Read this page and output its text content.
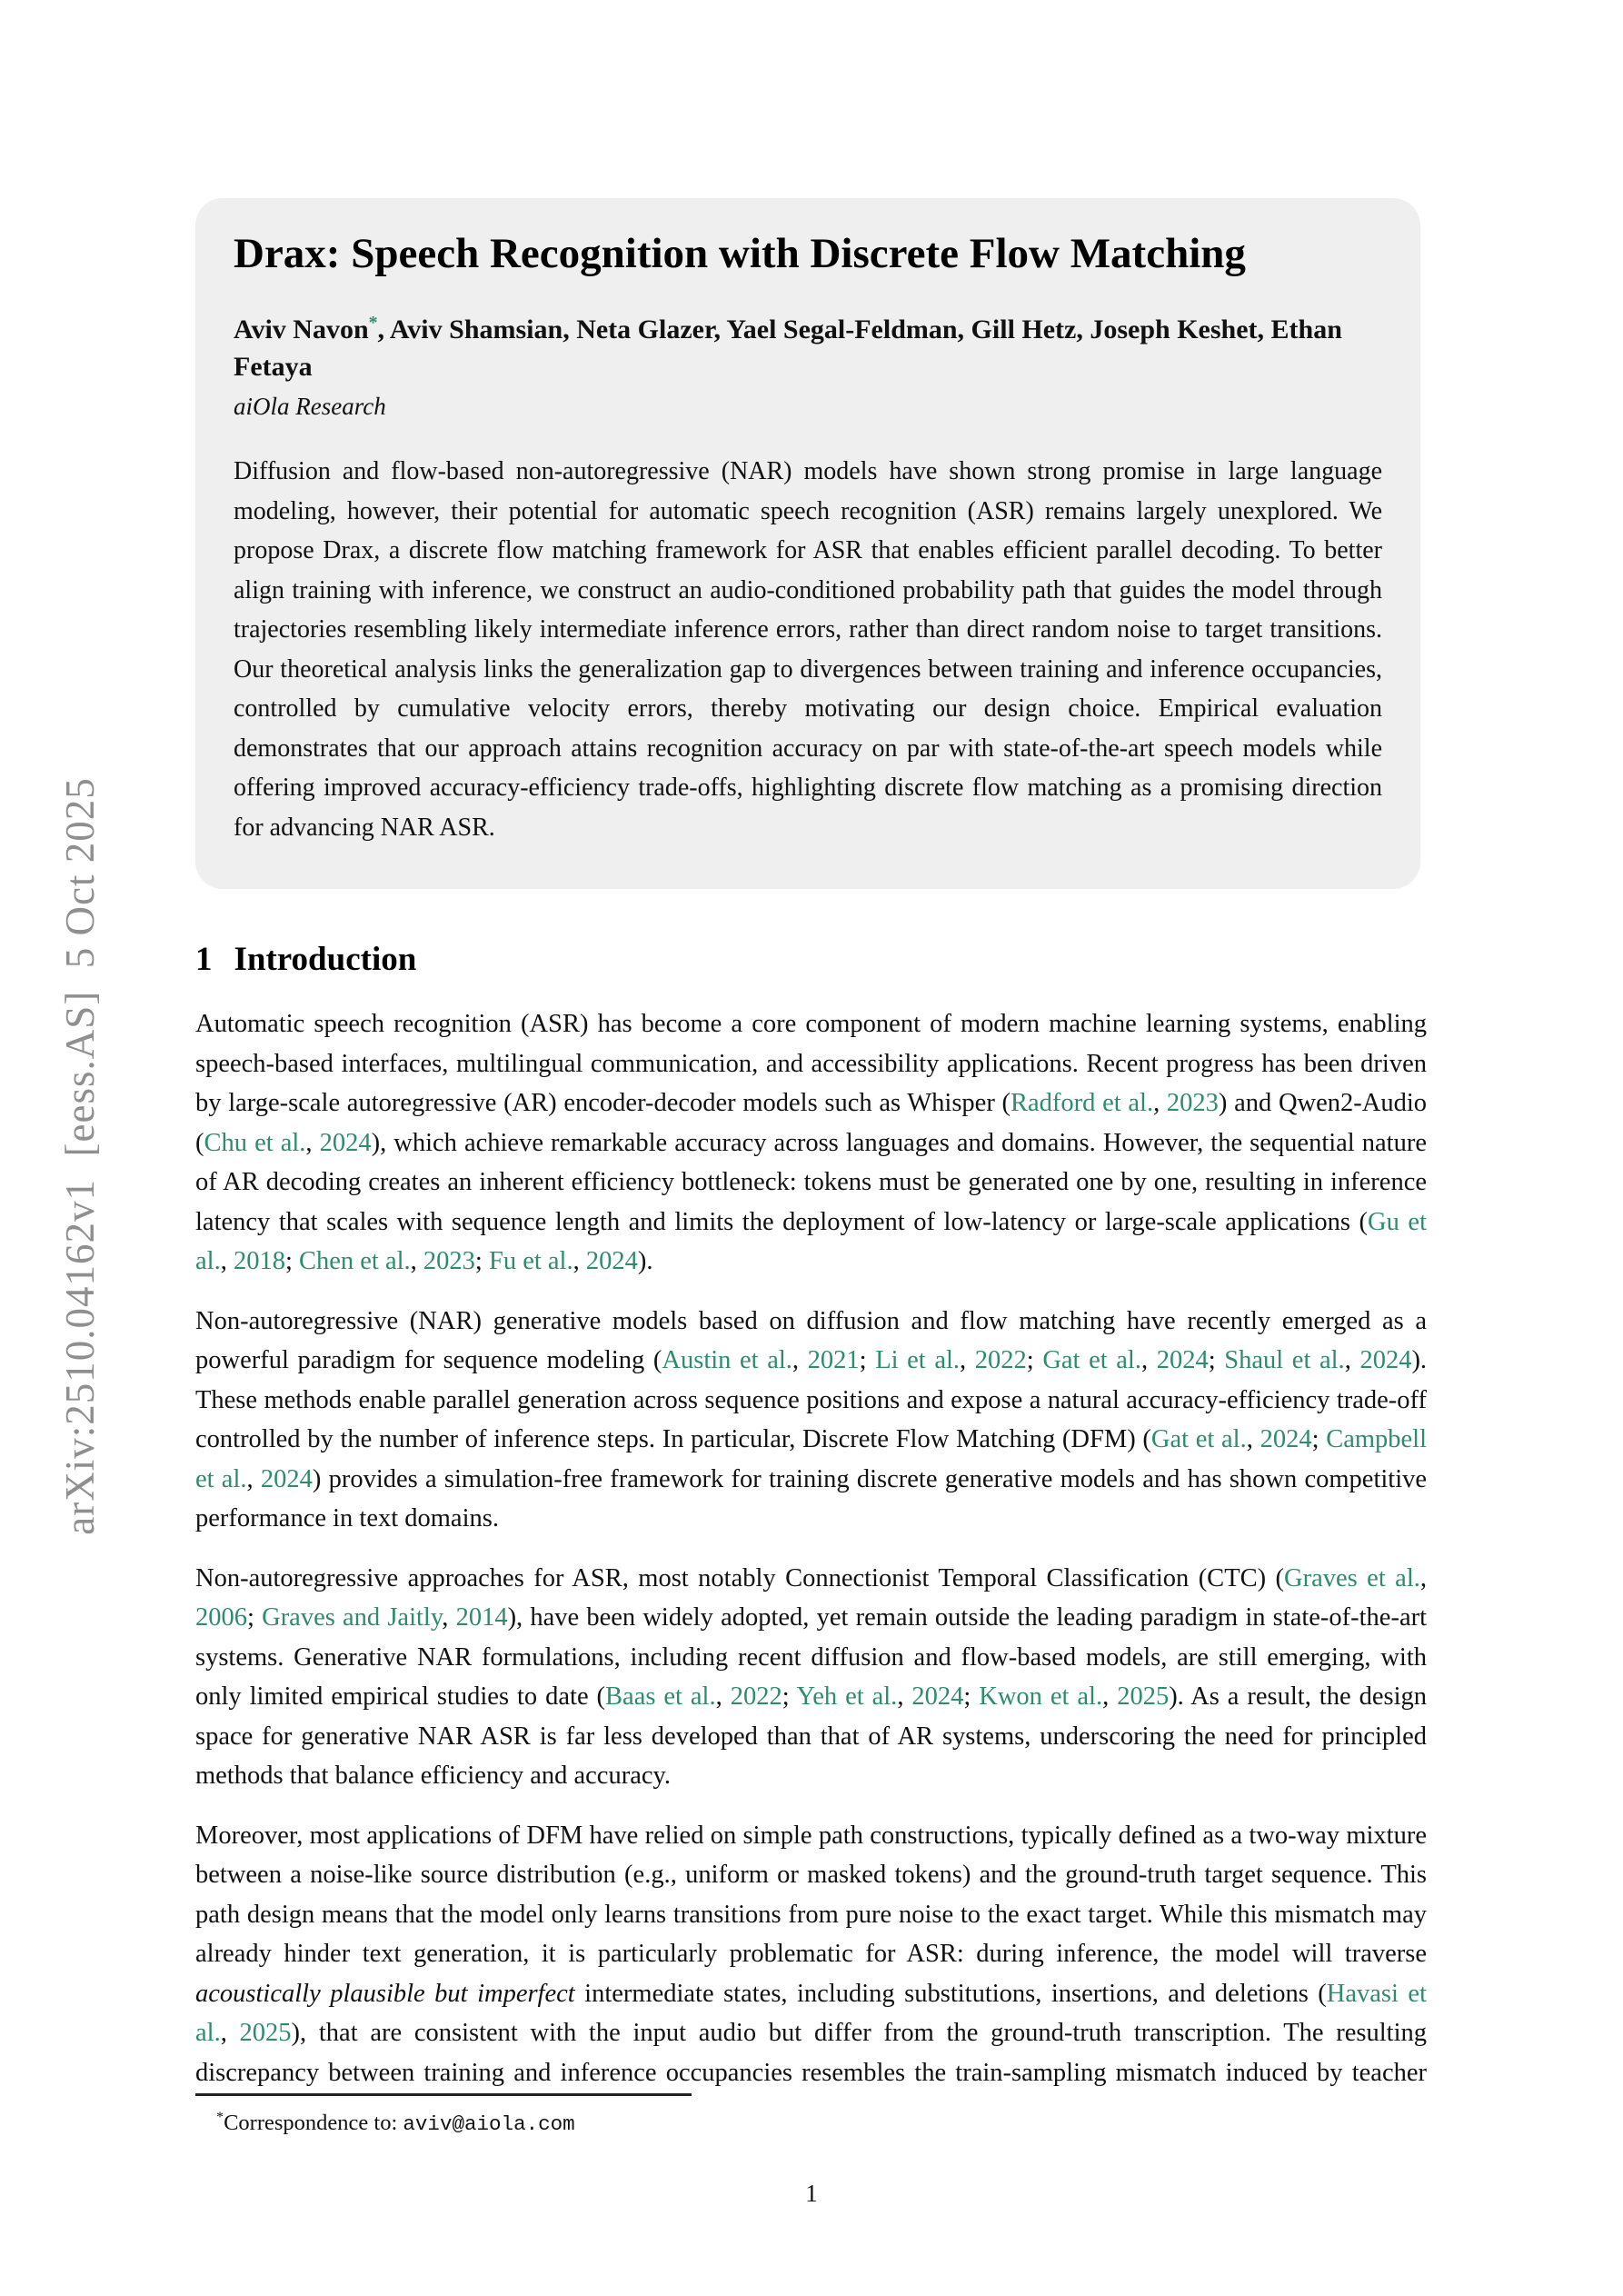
arXiv:2510.04162v1  [eess.AS]  5 Oct 2025
Drax: Speech Recognition with Discrete Flow Matching
Aviv Navon*, Aviv Shamsian, Neta Glazer, Yael Segal-Feldman, Gill Hetz, Joseph Keshet, Ethan Fetaya
aiOla Research

Diffusion and flow-based non-autoregressive (NAR) models have shown strong promise in large language modeling, however, their potential for automatic speech recognition (ASR) remains largely unexplored. We propose Drax, a discrete flow matching framework for ASR that enables efficient parallel decoding. To better align training with inference, we construct an audio-conditioned probability path that guides the model through trajectories resembling likely intermediate inference errors, rather than direct random noise to target transitions. Our theoretical analysis links the generalization gap to divergences between training and inference occupancies, controlled by cumulative velocity errors, thereby motivating our design choice. Empirical evaluation demonstrates that our approach attains recognition accuracy on par with state-of-the-art speech models while offering improved accuracy-efficiency trade-offs, highlighting discrete flow matching as a promising direction for advancing NAR ASR.

1 Introduction

Automatic speech recognition (ASR) has become a core component of modern machine learning systems, enabling speech-based interfaces, multilingual communication, and accessibility applications. Recent progress has been driven by large-scale autoregressive (AR) encoder-decoder models such as Whisper (Radford et al., 2023) and Qwen2-Audio (Chu et al., 2024), which achieve remarkable accuracy across languages and domains. However, the sequential nature of AR decoding creates an inherent efficiency bottleneck: tokens must be generated one by one, resulting in inference latency that scales with sequence length and limits the deployment of low-latency or large-scale applications (Gu et al., 2018; Chen et al., 2023; Fu et al., 2024).

Non-autoregressive (NAR) generative models based on diffusion and flow matching have recently emerged as a powerful paradigm for sequence modeling (Austin et al., 2021; Li et al., 2022; Gat et al., 2024; Shaul et al., 2024). These methods enable parallel generation across sequence positions and expose a natural accuracy-efficiency trade-off controlled by the number of inference steps. In particular, Discrete Flow Matching (DFM) (Gat et al., 2024; Campbell et al., 2024) provides a simulation-free framework for training discrete generative models and has shown competitive performance in text domains.

Non-autoregressive approaches for ASR, most notably Connectionist Temporal Classification (CTC) (Graves et al., 2006; Graves and Jaitly, 2014), have been widely adopted, yet remain outside the leading paradigm in state-of-the-art systems. Generative NAR formulations, including recent diffusion and flow-based models, are still emerging, with only limited empirical studies to date (Baas et al., 2022; Yeh et al., 2024; Kwon et al., 2025). As a result, the design space for generative NAR ASR is far less developed than that of AR systems, underscoring the need for principled methods that balance efficiency and accuracy.

Moreover, most applications of DFM have relied on simple path constructions, typically defined as a two-way mixture between a noise-like source distribution (e.g., uniform or masked tokens) and the ground-truth target sequence. This path design means that the model only learns transitions from pure noise to the exact target. While this mismatch may already hinder text generation, it is particularly problematic for ASR: during inference, the model will traverse acoustically plausible but imperfect intermediate states, including substitutions, insertions, and deletions (Havasi et al., 2025), that are consistent with the input audio but differ from the ground-truth transcription. The resulting discrepancy between training and inference occupancies resembles the train-sampling mismatch induced by teacher

*Correspondence to: aviv@aiola.com
1
